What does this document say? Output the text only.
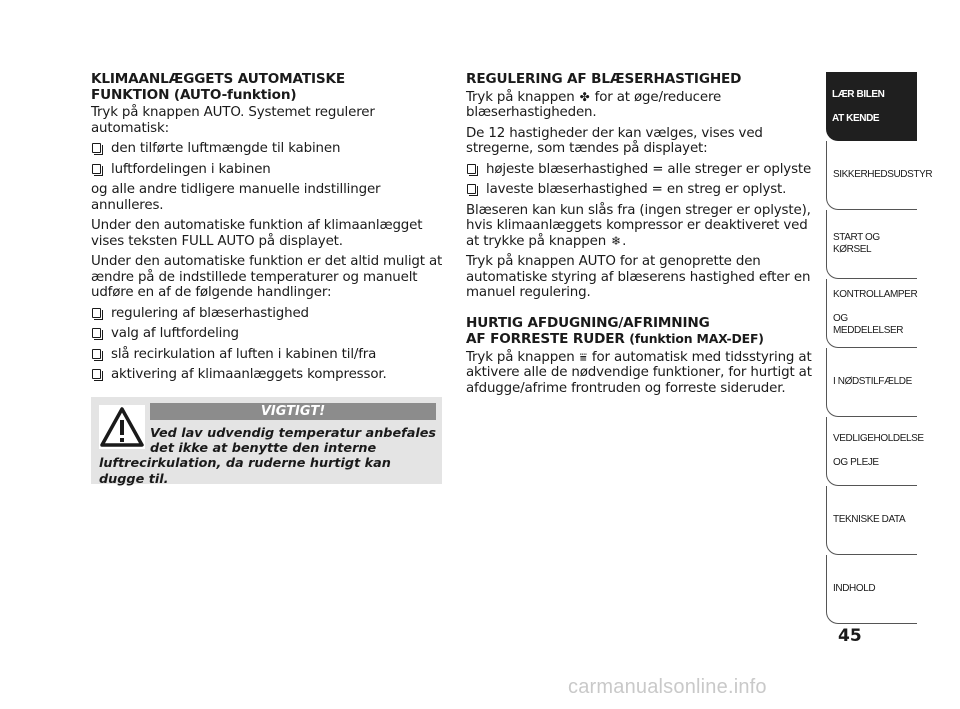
KLIMAANLÆGGETS AUTOMATISKE
FUNKTION (AUTO-funktion)

Tryk på knappen AUTO. Systemet regulerer automatisk:

den tilførte luftmængde til kabinen
luftfordelingen i kabinen

og alle andre tidligere manuelle indstillinger annulleres.

Under den automatiske funktion af klimaanlægget vises teksten FULL AUTO på displayet.

Under den automatiske funktion er det altid muligt at ændre på de indstillede temperaturer og manuelt udføre en af de følgende handlinger:

regulering af blæserhastighed
valg af luftfordeling
slå recirkulation af luften i kabinen til/fra
aktivering af klimaanlæggets kompressor.
VIGTIGT!
Ved lav udvendig temperatur anbefales
det ikke at benytte den interne
luftrecirkulation, da ruderne hurtigt kan dugge til.
REGULERING AF BLÆSERHASTIGHED

Tryk på knappen ✤ for at øge/reducere blæserhastigheden.

De 12 hastigheder der kan vælges, vises ved stregerne, som tændes på displayet:

højeste blæserhastighed = alle streger er oplyste
laveste blæserhastighed = en streg er oplyst.

Blæseren kan kun slås fra (ingen streger er oplyste), hvis klimaanlæggets kompressor er deaktiveret ved at trykke på knappen ❄.

Tryk på knappen AUTO for at genoprette den automatiske styring af blæserens hastighed efter en manuel regulering.

HURTIG AFDUGNING/AFRIMNING
AF FORRESTE RUDER (funktion MAX-DEF)

Tryk på knappen ⩸ for automatisk med tidsstyring at aktivere alle de nødvendige funktioner, for hurtigt at afdugge/afrime frontruden og forreste sideruder.

LÆR BILEN

AT KENDE
SIKKERHEDSUDSTYR
START OG KØRSEL
KONTROLLAMPER

OG MEDDELELSER
I NØDSTILFÆLDE
VEDLIGEHOLDELSE

OG PLEJE
TEKNISKE DATA
INDHOLD
45
carmanualsonline.info
